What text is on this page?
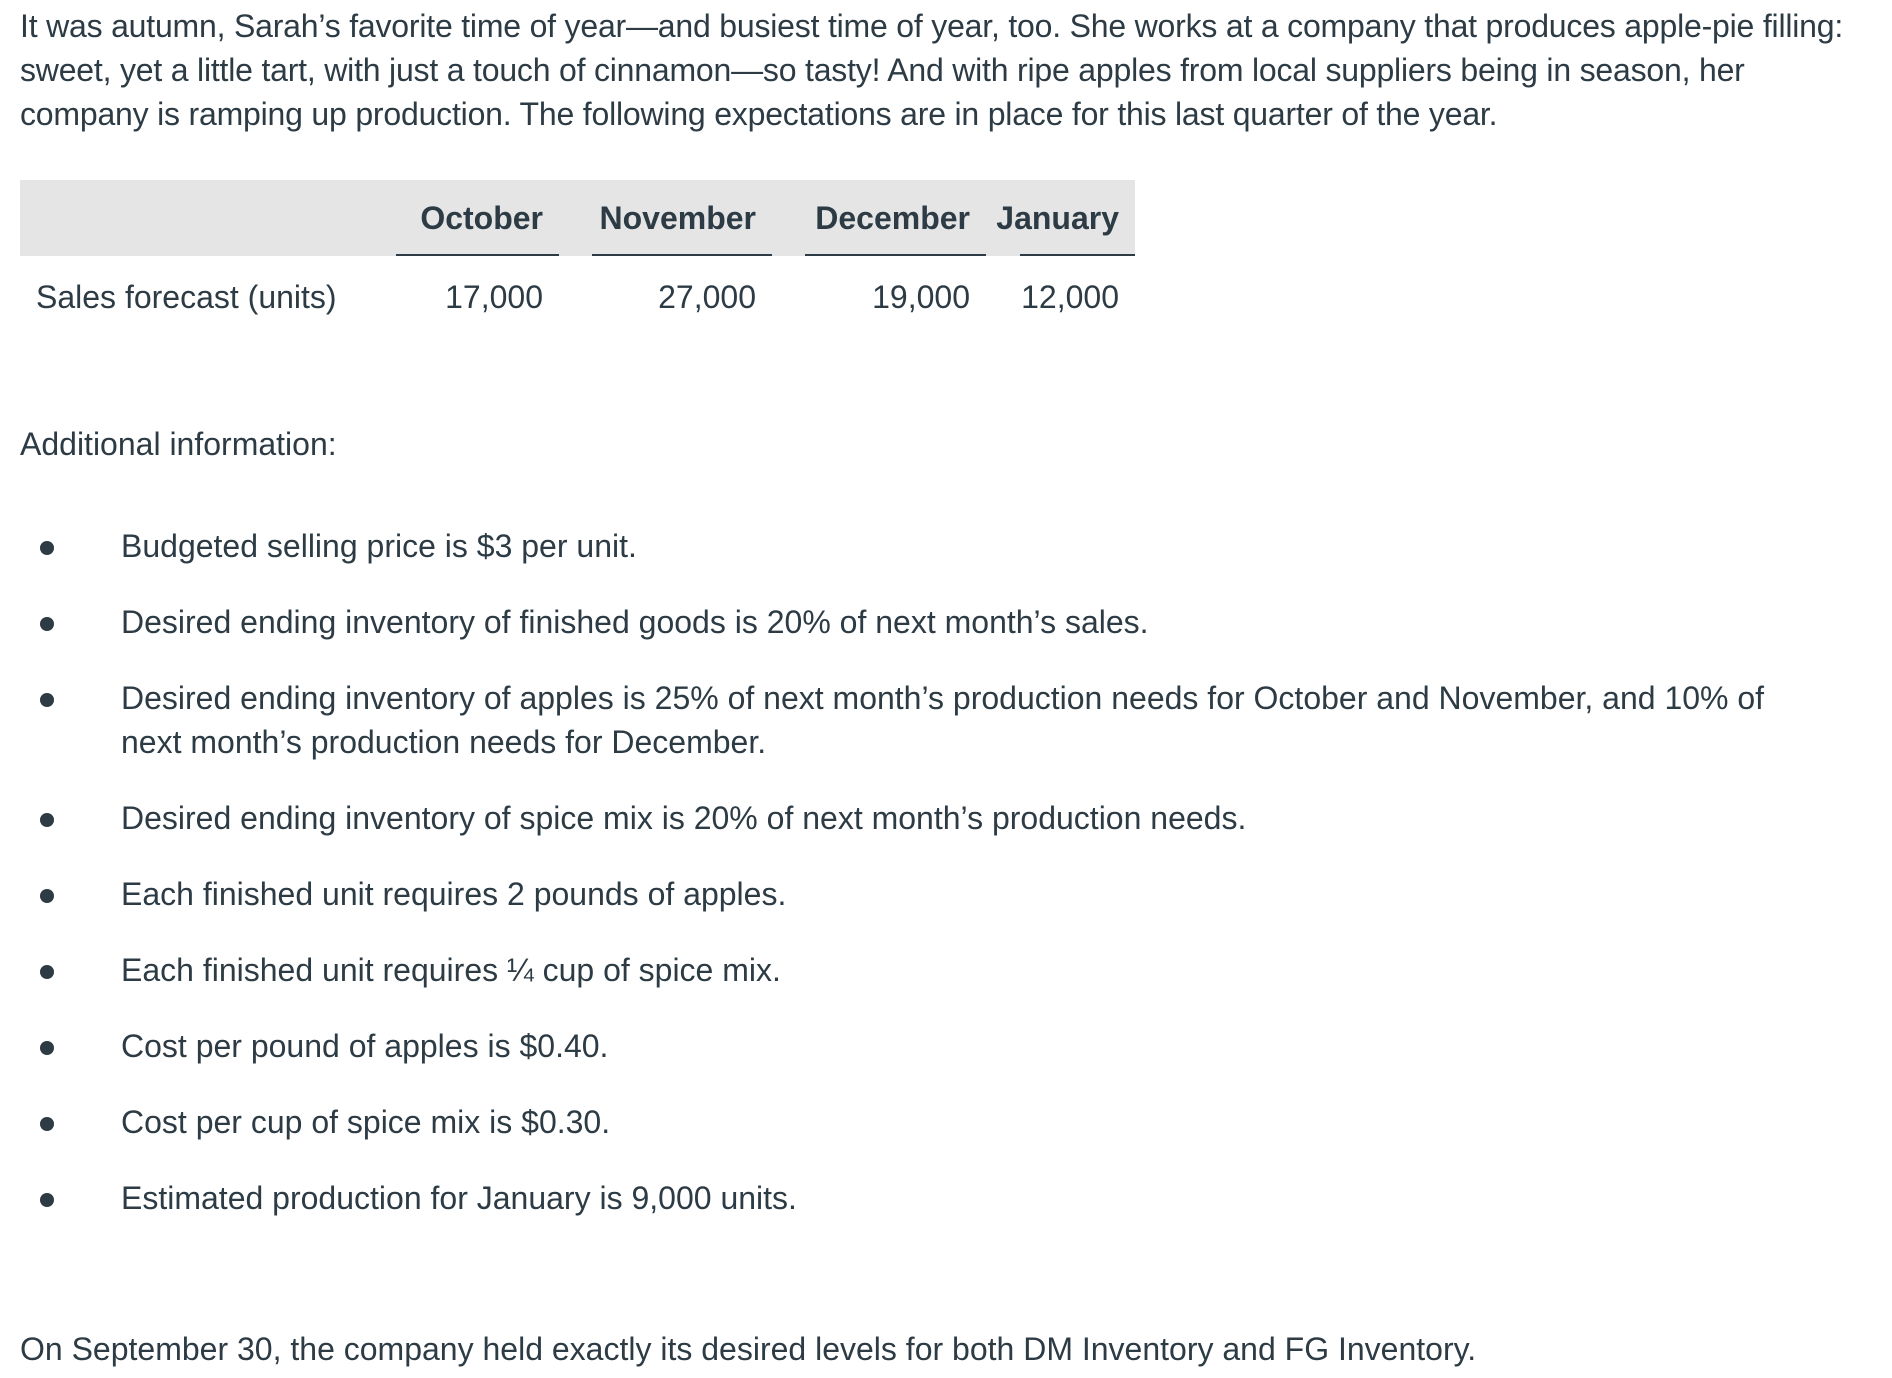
It was autumn, Sarah’s favorite time of year—and busiest time of year, too. She works at a company that produces apple-pie filling: sweet, yet a little tart, with just a touch of cinnamon—so tasty! And with ripe apples from local suppliers being in season, her company is ramping up production. The following expectations are in place for this last quarter of the year.

	October	November	December	January

Sales forecast (units)	17,000	27,000	19,000	12,000

Additional information:

Budgeted selling price is $3 per unit.
Desired ending inventory of finished goods is 20% of next month’s sales.
Desired ending inventory of apples is 25% of next month’s production needs for October and November, and 10% of next month’s production needs for December.
Desired ending inventory of spice mix is 20% of next month’s production needs.
Each finished unit requires 2 pounds of apples.
Each finished unit requires ¼ cup of spice mix.
Cost per pound of apples is $0.40.
Cost per cup of spice mix is $0.30.
Estimated production for January is 9,000 units.

On September 30, the company held exactly its desired levels for both DM Inventory and FG Inventory.
